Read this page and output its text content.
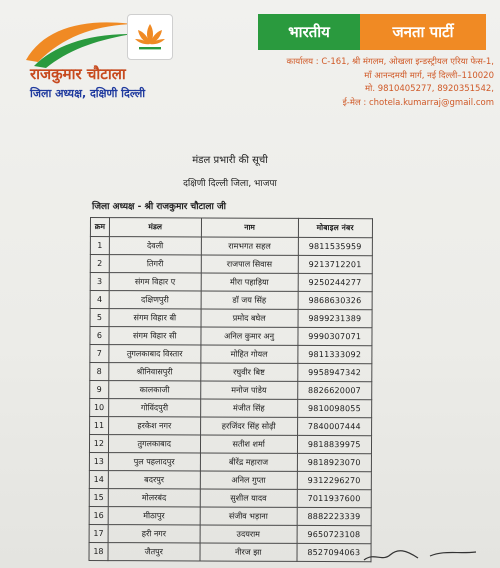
राजकुमार चौटाला
जिला अध्यक्ष, दक्षिणी दिल्ली
भारतीय	जनता पार्टी
कार्यालय : C-161, श्री मंगलम, ओखला इन्डस्ट्रीयल एरिया फेस-1,
माँ आनन्दमयी मार्ग, नई दिल्ली–110020
मो. 9810405277, 8920351542,
ई-मेल : chotela.kumarraj@gmail.com
मंडल प्रभारी की सूची
दक्षिणी दिल्ली जिला, भाजपा
जिला अध्यक्ष - श्री राजकुमार चौटाला जी
क्रम	मंडल	नाम	मोबाइल नंबर
1	देवली	रामभगत सहल	9811535959
2	तिगरी	राजपाल सिवास	9213712201
3	संगम विहार ए	मीरा पहाड़िया	9250244277
4	दक्षिणपुरी	डॉ जय सिंह	9868630326
5	संगम विहार बी	प्रमोद बघेल	9899231389
6	संगम विहार सी	अनिल कुमार अनु	9990307071
7	तुगलकाबाद विस्तार	मोहित गोयल	9811333092
8	श्रीनिवासपुरी	रघुवीर बिष्ट	9958947342
9	कालकाजी	मनोज पांडेय	8826620007
10	गोविंदपुरी	मंजीत सिंह	9810098055
11	हरकेश नगर	हरजिंदर सिंह सोढ़ी	7840007444
12	तुगलकाबाद	सतीश शर्मा	9818839975
13	पुल पहलादपुर	बीरेंद्र महाराज	9818923070
14	बदरपुर	अनिल गुप्ता	9312296270
15	मोलरबंद	सुशील यादव	7011937600
16	मीठापुर	संजीव भड़ाना	8882223339
17	हरी नगर	उदयराम	9650723108
18	जैतपुर	नीरज झा	8527094063
